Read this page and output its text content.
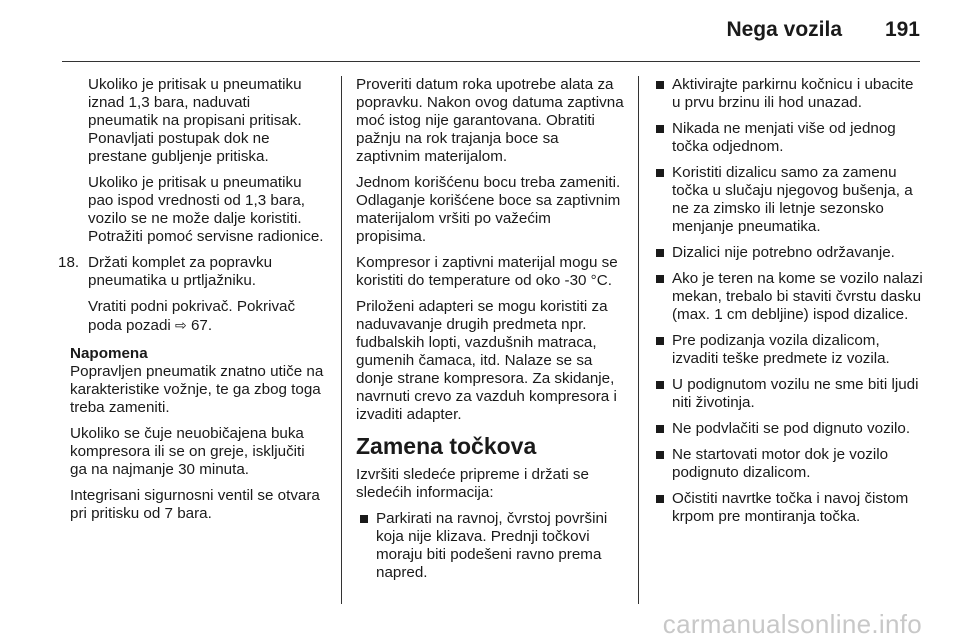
Nega vozila 191

Ukoliko je pritisak u pneumatiku iznad 1,3 bara, naduvati pneumatik na propisani pritisak. Ponavljati postupak dok ne prestane gubljenje pritiska.

Ukoliko je pritisak u pneumatiku pao ispod vrednosti od 1,3 bara, vozilo se ne može dalje koristiti. Potražiti pomoć servisne radionice.

18. Držati komplet za popravku pneumatika u prtljažniku.

Vratiti podni pokrivač. Pokrivač poda pozadi ⇨ 67.

Napomena

Popravljen pneumatik znatno utiče na karakteristike vožnje, te ga zbog toga treba zameniti.

Ukoliko se čuje neuobičajena buka kompresora ili se on greje, isključiti ga na najmanje 30 minuta.

Integrisani sigurnosni ventil se otvara pri pritisku od 7 bara.

Proveriti datum roka upotrebe alata za popravku. Nakon ovog datuma zaptivna moć istog nije garantovana. Obratiti pažnju na rok trajanja boce sa zaptivnim materijalom.

Jednom korišćenu bocu treba zameniti. Odlaganje korišćene boce sa zaptivnim materijalom vršiti po važećim propisima.

Kompresor i zaptivni materijal mogu se koristiti do temperature od oko -30 °C.

Priloženi adapteri se mogu koristiti za naduvavanje drugih predmeta npr. fudbalskih lopti, vazdušnih matraca, gumenih čamaca, itd. Nalaze se sa donje strane kompresora. Za skidanje, navrnuti crevo za vazduh kompresora i izvaditi adapter.

Zamena točkova

Izvršiti sledeće pripreme i držati se sledećih informacija:

Parkirati na ravnoj, čvrstoj površini koja nije klizava. Prednji točkovi moraju biti podešeni ravno prema napred.
Aktivirajte parkirnu kočnicu i ubacite u prvu brzinu ili hod unazad.
Nikada ne menjati više od jednog točka odjednom.
Koristiti dizalicu samo za zamenu točka u slučaju njegovog bušenja, a ne za zimsko ili letnje sezonsko menjanje pneumatika.
Dizalici nije potrebno održavanje.
Ako je teren na kome se vozilo nalazi mekan, trebalo bi staviti čvrstu dasku (max. 1 cm debljine) ispod dizalice.
Pre podizanja vozila dizalicom, izvaditi teške predmete iz vozila.
U podignutom vozilu ne sme biti ljudi niti životinja.
Ne podvlačiti se pod dignuto vozilo.
Ne startovati motor dok je vozilo podignuto dizalicom.
Očistiti navrtke točka i navoj čistom krpom pre montiranja točka.
carmanualsonline.info
